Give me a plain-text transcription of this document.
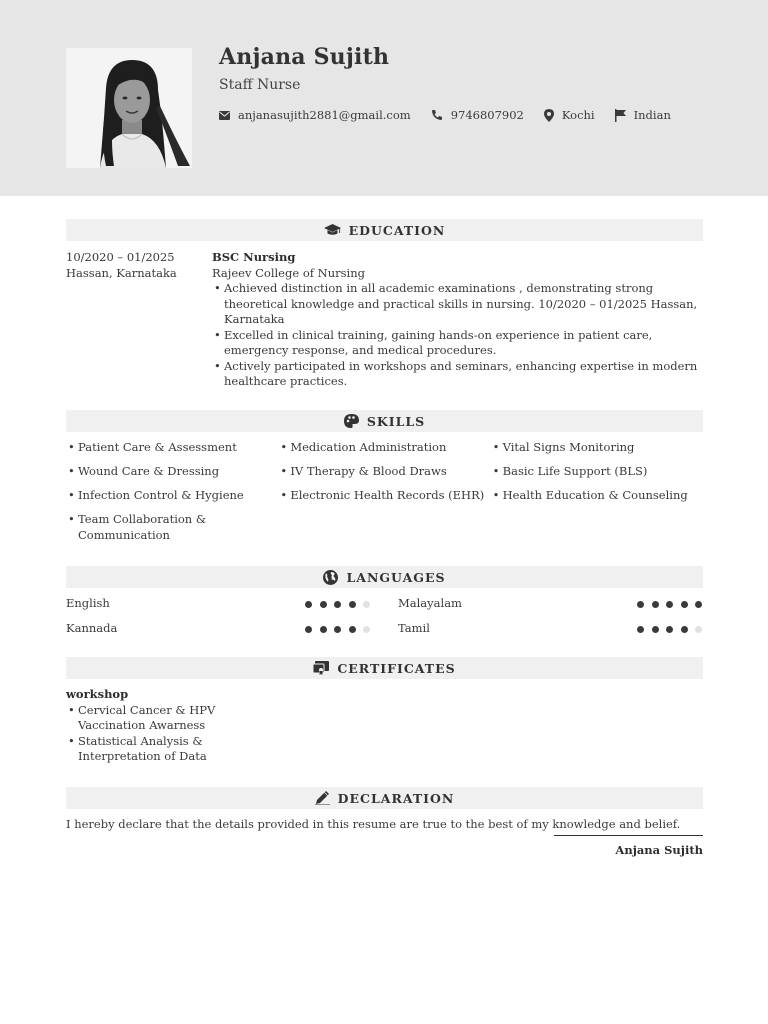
Anjana Sujith
Staff Nurse
anjanasujith2881@gmail.com	9746807902	Kochi	Indian
EDUCATION
10/2020 – 01/2025
Hassan, Karnataka
BSC Nursing
Rajeev College of Nursing
• Achieved distinction in all academic examinations , demonstrating strong theoretical knowledge and practical skills in nursing. 10/2020 – 01/2025 Hassan, Karnataka
• Excelled in clinical training, gaining hands-on experience in patient care, emergency response, and medical procedures.
• Actively participated in workshops and seminars, enhancing expertise in modern healthcare practices.
SKILLS
• Patient Care & Assessment
• Wound Care & Dressing
• Infection Control & Hygiene
• Team Collaboration & Communication
• Medication Administration
• IV Therapy & Blood Draws
• Electronic Health Records (EHR)
• Vital Signs Monitoring
• Basic Life Support (BLS)
• Health Education & Counseling
LANGUAGES
English	Malayalam
Kannada	Tamil
CERTIFICATES
workshop
• Cervical Cancer & HPV Vaccination Awarness
• Statistical Analysis & Interpretation of Data
DECLARATION
I hereby declare that the details provided in this resume are true to the best of my knowledge and belief.
Anjana Sujith
